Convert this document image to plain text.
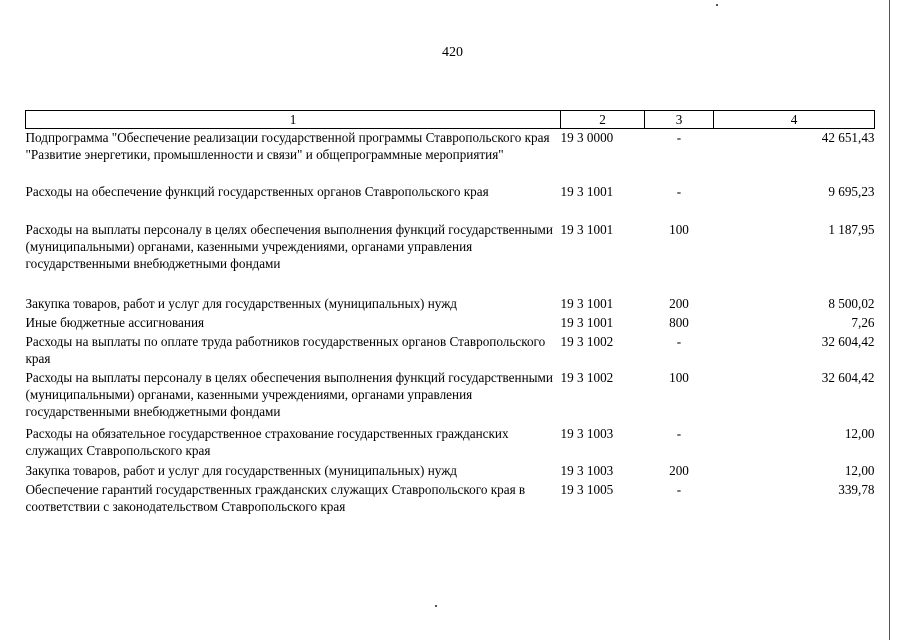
420
1	2	3	4
Подпрограмма "Обеспечение реализации государственной программы Ставропольского края "Развитие энергетики, промышленности и связи" и общепрограммные мероприятия"	19 3 0000	-	42 651,43
Расходы на обеспечение функций государственных органов Ставропольского края	19 3 1001	-	9 695,23
Расходы на выплаты персоналу в целях обеспечения выполнения функций государственными (муниципальными) органами, казенными учреждениями, органами управления государственными внебюджетными фондами	19 3 1001	100	1 187,95
Закупка товаров, работ и услуг для государственных (муниципальных) нужд	19 3 1001	200	8 500,02
Иные бюджетные ассигнования	19 3 1001	800	7,26
Расходы на выплаты по оплате труда работников государственных органов Ставропольского края	19 3 1002	-	32 604,42
Расходы на выплаты персоналу в целях обеспечения выполнения функций государственными (муниципальными) органами, казенными учреждениями, органами управления государственными внебюджетными фондами	19 3 1002	100	32 604,42
Расходы на обязательное государственное страхование государственных гражданских служащих Ставропольского края	19 3 1003	-	12,00
Закупка товаров, работ и услуг для государственных (муниципальных) нужд	19 3 1003	200	12,00
Обеспечение гарантий государственных гражданских служащих Ставропольского края в соответствии с законодательством Ставропольского края	19 3 1005	-	339,78
